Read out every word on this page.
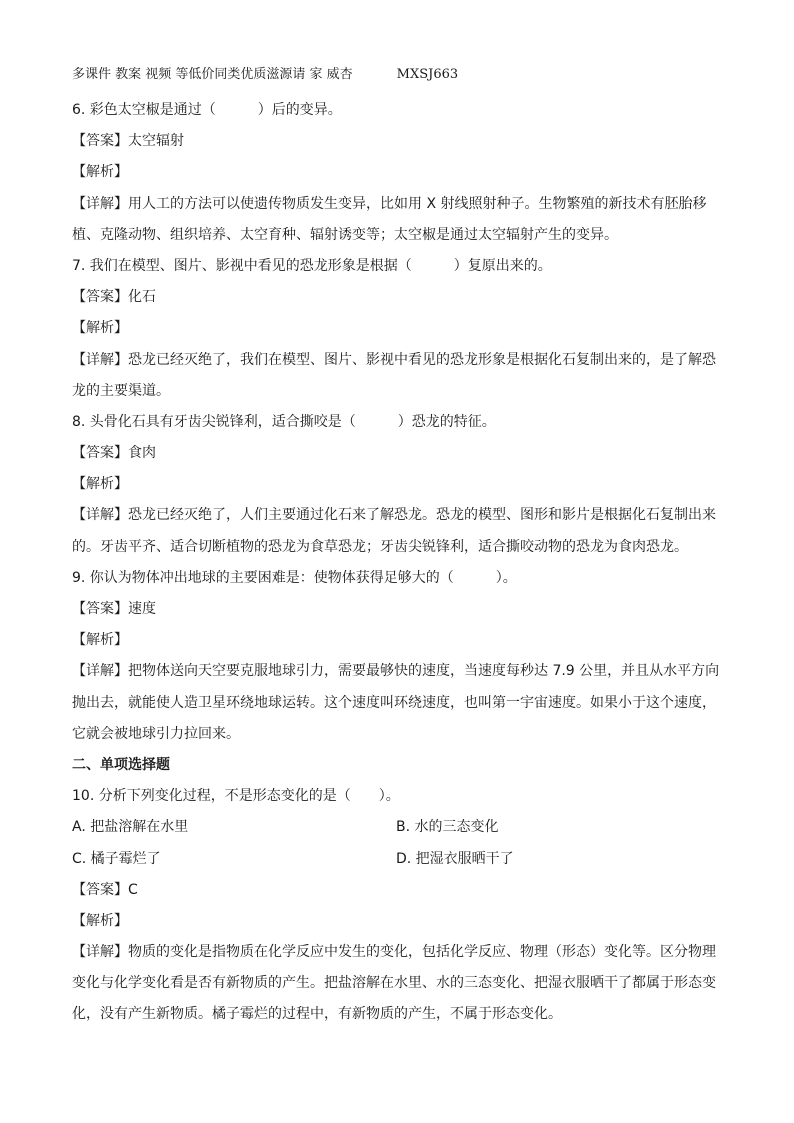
多课件 教案 视频 等低价同类优质滋源请 家 威杏	MXSJ663
6. 彩色太空椒是通过（　　　）后的变异。
【答案】太空辐射
【解析】
【详解】用人工的方法可以使遗传物质发生变异，比如用 X 射线照射种子。生物繁殖的新技术有胚胎移
植、克隆动物、组织培养、太空育种、辐射诱变等；太空椒是通过太空辐射产生的变异。
7. 我们在模型、图片、影视中看见的恐龙形象是根据（　　　）复原出来的。
【答案】化石
【解析】
【详解】恐龙已经灭绝了，我们在模型、图片、影视中看见的恐龙形象是根据化石复制出来的，是了解恐
龙的主要渠道。
8. 头骨化石具有牙齿尖锐锋利，适合撕咬是（　　　）恐龙的特征。
【答案】食肉
【解析】
【详解】恐龙已经灭绝了，人们主要通过化石来了解恐龙。恐龙的模型、图形和影片是根据化石复制出来
的。牙齿平齐、适合切断植物的恐龙为食草恐龙；牙齿尖锐锋利，适合撕咬动物的恐龙为食肉恐龙。
9. 你认为物体冲出地球的主要困难是：使物体获得足够大的（　　　）。
【答案】速度
【解析】
【详解】把物体送向天空要克服地球引力，需要最够快的速度，当速度每秒达 7.9 公里，并且从水平方向
抛出去，就能使人造卫星环绕地球运转。这个速度叫环绕速度，也叫第一宇宙速度。如果小于这个速度，
它就会被地球引力拉回来。
二、单项选择题
10. 分析下列变化过程，不是形态变化的是（　　）。
A. 把盐溶解在水里	B. 水的三态变化
C. 橘子霉烂了	D. 把湿衣服晒干了
【答案】C
【解析】
【详解】物质的变化是指物质在化学反应中发生的变化，包括化学反应、物理（形态）变化等。区分物理
变化与化学变化看是否有新物质的产生。把盐溶解在水里、水的三态变化、把湿衣服晒干了都属于形态变
化，没有产生新物质。橘子霉烂的过程中，有新物质的产生，不属于形态变化。
